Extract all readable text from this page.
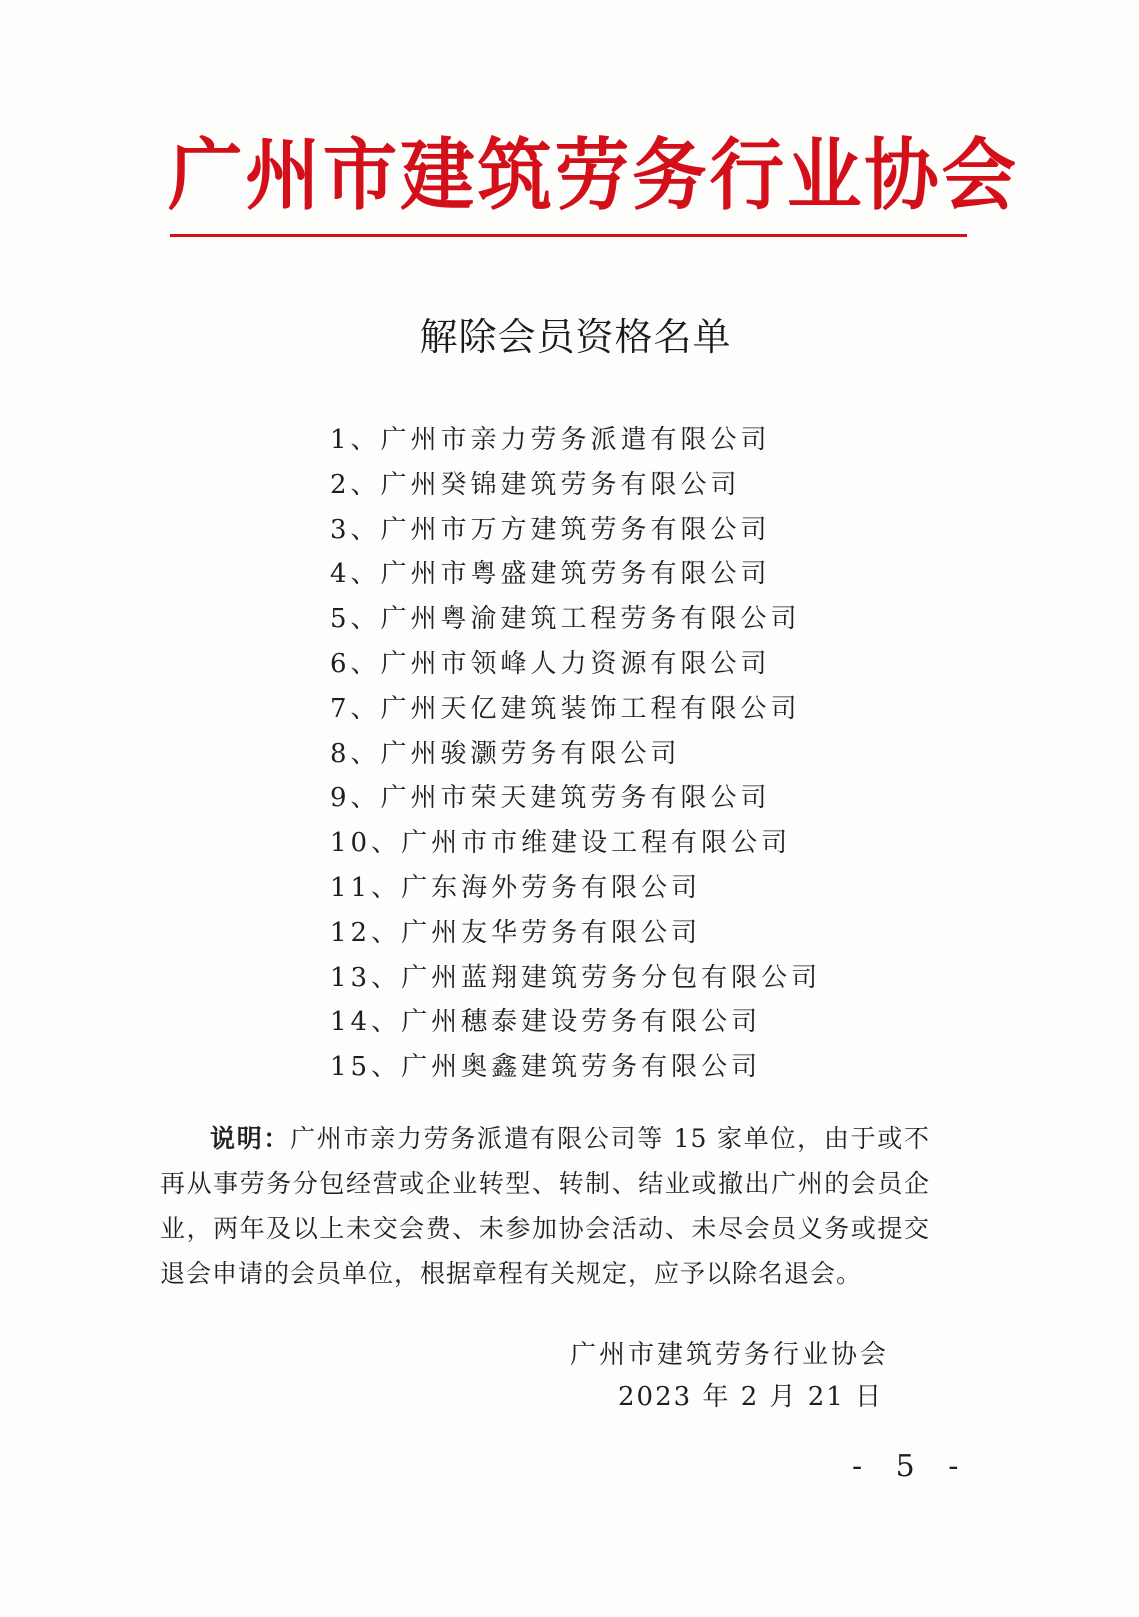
广州市建筑劳务行业协会
解除会员资格名单
1、广州市亲力劳务派遣有限公司
2、广州癸锦建筑劳务有限公司
3、广州市万方建筑劳务有限公司
4、广州市粤盛建筑劳务有限公司
5、广州粤渝建筑工程劳务有限公司
6、广州市领峰人力资源有限公司
7、广州天亿建筑装饰工程有限公司
8、广州骏灏劳务有限公司
9、广州市荣天建筑劳务有限公司
10、广州市市维建设工程有限公司
11、广东海外劳务有限公司
12、广州友华劳务有限公司
13、广州蓝翔建筑劳务分包有限公司
14、广州穗泰建设劳务有限公司
15、广州奥鑫建筑劳务有限公司

说明：广州市亲力劳务派遣有限公司等 15 家单位，由于或不再从事劳务分包经营或企业转型、转制、结业或撤出广州的会员企业，两年及以上未交会费、未参加协会活动、未尽会员义务或提交退会申请的会员单位，根据章程有关规定，应予以除名退会。

广州市建筑劳务行业协会

2023 年 2 月 21 日

- 5 -
